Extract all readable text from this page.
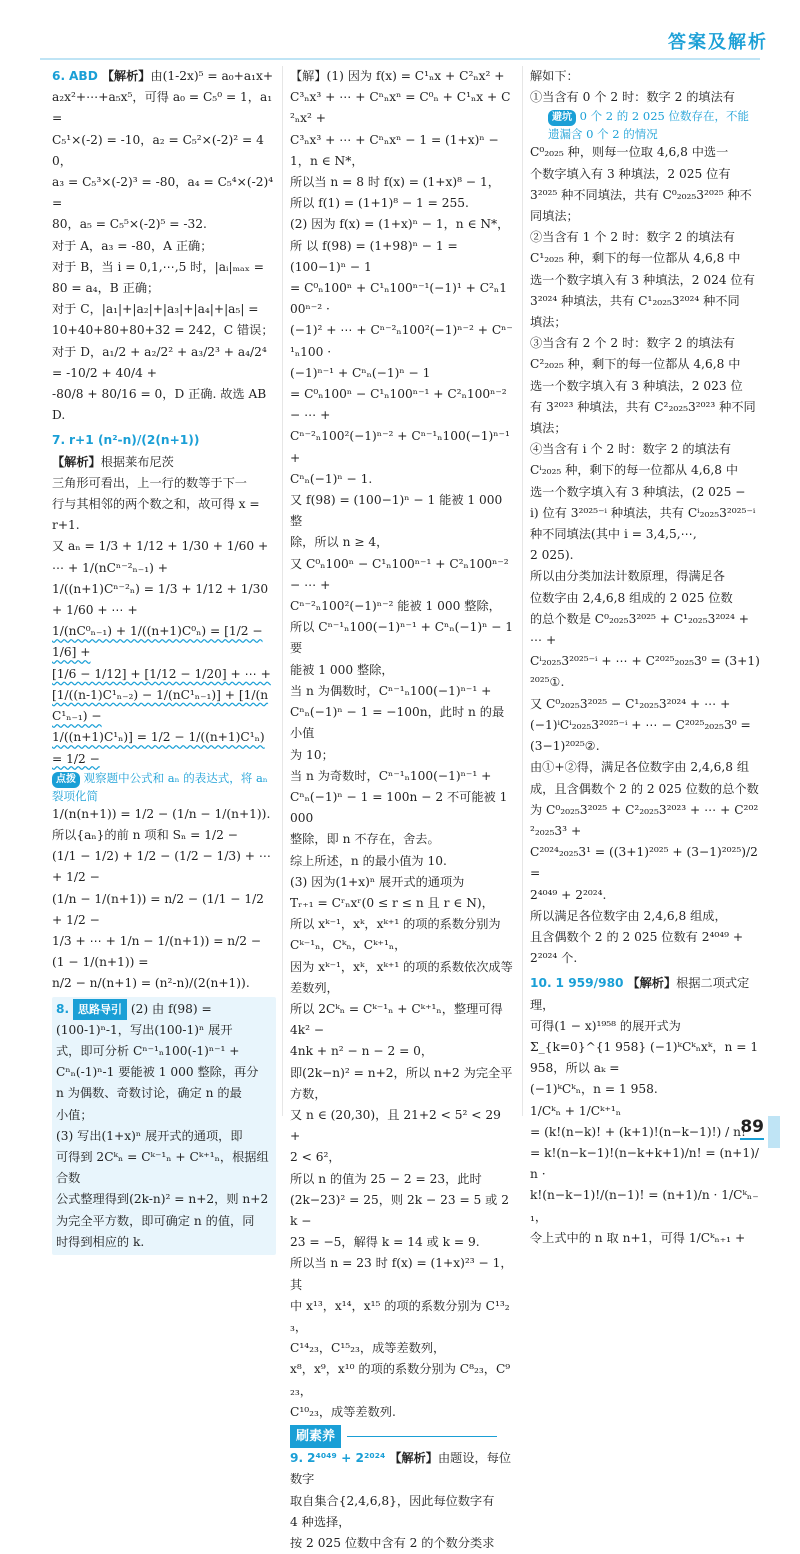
答案及解析

6. ABD 【解析】由(1-2x)⁵ = a₀+a₁x+

a₂x²+⋯+a₅x⁵，可得 a₀ = C₅⁰ = 1，a₁ =

C₅¹×(-2) = -10，a₂ = C₅²×(-2)² = 40，

a₃ = C₅³×(-2)³ = -80，a₄ = C₅⁴×(-2)⁴ =

80，a₅ = C₅⁵×(-2)⁵ = -32.

对于 A，a₃ = -80，A 正确；

对于 B，当 i = 0,1,⋯,5 时，|aᵢ|ₘₐₓ =

80 = a₄，B 正确；

对于 C，|a₁|+|a₂|+|a₃|+|a₄|+|a₅| =

10+40+80+80+32 = 242，C 错误；

对于 D，a₁/2 + a₂/2² + a₃/2³ + a₄/2⁴ = -10/2 + 40/4 +

-80/8 + 80/16 = 0，D 正确. 故选 ABD.

7. r+1 (n²-n)/(2(n+1))

【解析】根据莱布尼茨

三角形可看出，上一行的数等于下一

行与其相邻的两个数之和，故可得 x =

r+1.

又 aₙ = 1/3 + 1/12 + 1/30 + 1/60 + ⋯ + 1/(nCⁿ⁻²ₙ₋₁) +

1/((n+1)Cⁿ⁻²ₙ) = 1/3 + 1/12 + 1/30 + 1/60 + ⋯ +

1/(nC⁰ₙ₋₁) + 1/((n+1)C⁰ₙ) = [1/2 − 1/6] +

[1/6 − 1/12] + [1/12 − 1/20] + ⋯ +

[1/((n-1)C¹ₙ₋₂) − 1/(nC¹ₙ₋₁)] + [1/(nC¹ₙ₋₁) −

1/((n+1)C¹ₙ)] = 1/2 − 1/((n+1)C¹ₙ) = 1/2 −

点拨 观察题中公式和 aₙ 的表达式，将 aₙ 裂项化简

1/(n(n+1)) = 1/2 − (1/n − 1/(n+1)).

所以{aₙ}的前 n 项和 Sₙ = 1/2 −

(1/1 − 1/2) + 1/2 − (1/2 − 1/3) + ⋯ + 1/2 −

(1/n − 1/(n+1)) = n/2 − (1/1 − 1/2 + 1/2 −

1/3 + ⋯ + 1/n − 1/(n+1)) = n/2 − (1 − 1/(n+1)) =

n/2 − n/(n+1) = (n²-n)/(2(n+1)).

8. 思路导引 (2) 由 f(98) =

(100-1)ⁿ-1，写出(100-1)ⁿ 展开

式，即可分析 Cⁿ⁻¹ₙ100(-1)ⁿ⁻¹ +

Cⁿₙ(-1)ⁿ-1 要能被 1 000 整除，再分

n 为偶数、奇数讨论，确定 n 的最

小值；

(3) 写出(1+x)ⁿ 展开式的通项，即

可得到 2Cᵏₙ = Cᵏ⁻¹ₙ + Cᵏ⁺¹ₙ，根据组合数

公式整理得到(2k-n)² = n+2，则 n+2

为完全平方数，即可确定 n 的值，同

时得到相应的 k.

【解】(1) 因为 f(x) = C¹ₙx + C²ₙx² +

C³ₙx³ + ⋯ + Cⁿₙxⁿ = C⁰ₙ + C¹ₙx + C²ₙx² +

C³ₙx³ + ⋯ + Cⁿₙxⁿ − 1 = (1+x)ⁿ − 1，n ∈ N*，

所以当 n = 8 时 f(x) = (1+x)⁸ − 1，

所以 f(1) = (1+1)⁸ − 1 = 255.

(2) 因为 f(x) = (1+x)ⁿ − 1，n ∈ N*，

所 以 f(98) = (1+98)ⁿ − 1 =

(100−1)ⁿ − 1

= C⁰ₙ100ⁿ + C¹ₙ100ⁿ⁻¹(−1)¹ + C²ₙ100ⁿ⁻² ·

(−1)² + ⋯ + Cⁿ⁻²ₙ100²(−1)ⁿ⁻² + Cⁿ⁻¹ₙ100 ·

(−1)ⁿ⁻¹ + Cⁿₙ(−1)ⁿ − 1

= C⁰ₙ100ⁿ − C¹ₙ100ⁿ⁻¹ + C²ₙ100ⁿ⁻² − ⋯ +

Cⁿ⁻²ₙ100²(−1)ⁿ⁻² + Cⁿ⁻¹ₙ100(−1)ⁿ⁻¹ +

Cⁿₙ(−1)ⁿ − 1.

又 f(98) = (100−1)ⁿ − 1 能被 1 000 整

除，所以 n ≥ 4，

又 C⁰ₙ100ⁿ − C¹ₙ100ⁿ⁻¹ + C²ₙ100ⁿ⁻² − ⋯ +

Cⁿ⁻²ₙ100²(−1)ⁿ⁻² 能被 1 000 整除，

所以 Cⁿ⁻¹ₙ100(−1)ⁿ⁻¹ + Cⁿₙ(−1)ⁿ − 1 要

能被 1 000 整除，

当 n 为偶数时，Cⁿ⁻¹ₙ100(−1)ⁿ⁻¹ +

Cⁿₙ(−1)ⁿ − 1 = −100n，此时 n 的最小值

为 10；

当 n 为奇数时，Cⁿ⁻¹ₙ100(−1)ⁿ⁻¹ +

Cⁿₙ(−1)ⁿ − 1 = 100n − 2 不可能被 1 000

整除，即 n 不存在，舍去。

综上所述，n 的最小值为 10.

(3) 因为(1+x)ⁿ 展开式的通项为

Tᵣ₊₁ = Cʳₙxʳ(0 ≤ r ≤ n 且 r ∈ N)，

所以 xᵏ⁻¹，xᵏ，xᵏ⁺¹ 的项的系数分别为

Cᵏ⁻¹ₙ，Cᵏₙ，Cᵏ⁺¹ₙ，

因为 xᵏ⁻¹，xᵏ，xᵏ⁺¹ 的项的系数依次成等

差数列，

所以 2Cᵏₙ = Cᵏ⁻¹ₙ + Cᵏ⁺¹ₙ，整理可得 4k² −

4nk + n² − n − 2 = 0，

即(2k−n)² = n+2，所以 n+2 为完全平

方数，

又 n ∈ (20,30)，且 21+2 < 5² < 29 +

2 < 6²，

所以 n 的值为 25 − 2 = 23，此时

(2k−23)² = 25，则 2k − 23 = 5 或 2k −

23 = −5，解得 k = 14 或 k = 9.

所以当 n = 23 时 f(x) = (1+x)²³ − 1，其

中 x¹³，x¹⁴，x¹⁵ 的项的系数分别为 C¹³₂₃，

C¹⁴₂₃，C¹⁵₂₃，成等差数列，

x⁸，x⁹，x¹⁰ 的项的系数分别为 C⁸₂₃，C⁹₂₃，

C¹⁰₂₃，成等差数列.

刷素养

9. 2⁴⁰⁴⁹ + 2²⁰²⁴ 【解析】由题设，每位数字

取自集合{2,4,6,8}，因此每位数字有

4 种选择，

按 2 025 位数中含有 2 的个数分类求

解如下：

①当含有 0 个 2 时：数字 2 的填法有

避坑 0 个 2 的 2 025 位数存在，不能遗漏含 0 个 2 的情况

C⁰₂₀₂₅ 种，则每一位取 4,6,8 中选一

个数字填入有 3 种填法，2 025 位有

3²⁰²⁵ 种不同填法，共有 C⁰₂₀₂₅3²⁰²⁵ 种不

同填法；

②当含有 1 个 2 时：数字 2 的填法有

C¹₂₀₂₅ 种，剩下的每一位都从 4,6,8 中

选一个数字填入有 3 种填法，2 024 位有

3²⁰²⁴ 种填法，共有 C¹₂₀₂₅3²⁰²⁴ 种不同

填法；

③当含有 2 个 2 时：数字 2 的填法有

C²₂₀₂₅ 种，剩下的每一位都从 4,6,8 中

选一个数字填入有 3 种填法，2 023 位

有 3²⁰²³ 种填法，共有 C²₂₀₂₅3²⁰²³ 种不同

填法；

④当含有 i 个 2 时：数字 2 的填法有

Cⁱ₂₀₂₅ 种，剩下的每一位都从 4,6,8 中

选一个数字填入有 3 种填法，(2 025 −

i) 位有 3²⁰²⁵⁻ⁱ 种填法，共有 Cⁱ₂₀₂₅3²⁰²⁵⁻ⁱ

种不同填法(其中 i = 3,4,5,⋯,

2 025).

所以由分类加法计数原理，得满足各

位数字由 2,4,6,8 组成的 2 025 位数

的总个数是 C⁰₂₀₂₅3²⁰²⁵ + C¹₂₀₂₅3²⁰²⁴ + ⋯ +

Cⁱ₂₀₂₅3²⁰²⁵⁻ⁱ + ⋯ + C²⁰²⁵₂₀₂₅3⁰ = (3+1)²⁰²⁵①.

又 C⁰₂₀₂₅3²⁰²⁵ − C¹₂₀₂₅3²⁰²⁴ + ⋯ +

(−1)ⁱCⁱ₂₀₂₅3²⁰²⁵⁻ⁱ + ⋯ − C²⁰²⁵₂₀₂₅3⁰ =

(3−1)²⁰²⁵②.

由①+②得，满足各位数字由 2,4,6,8 组

成，且含偶数个 2 的 2 025 位数的总个数

为 C⁰₂₀₂₅3²⁰²⁵ + C²₂₀₂₅3²⁰²³ + ⋯ + C²⁰²²₂₀₂₅3³ +

C²⁰²⁴₂₀₂₅3¹ = ((3+1)²⁰²⁵ + (3−1)²⁰²⁵)/2 =

2⁴⁰⁴⁹ + 2²⁰²⁴.

所以满足各位数字由 2,4,6,8 组成，

且含偶数个 2 的 2 025 位数有 2⁴⁰⁴⁹ +

2²⁰²⁴ 个.

10. 1 959/980 【解析】根据二项式定理，

可得(1 − x)¹⁹⁵⁸ 的展开式为

Σ_{k=0}^{1 958} (−1)ᵏCᵏₙxᵏ，n = 1 958，所以 aₖ =

(−1)ᵏCᵏₙ，n = 1 958.

1/Cᵏₙ + 1/Cᵏ⁺¹ₙ

= (k!(n−k)! + (k+1)!(n−k−1)!) / n!

= k!(n−k−1)!(n−k+k+1)/n! = (n+1)/n ·

k!(n−k−1)!/(n−1)! = (n+1)/n · 1/Cᵏₙ₋₁，

令上式中的 n 取 n+1，可得 1/Cᵏₙ₊₁ +

89
